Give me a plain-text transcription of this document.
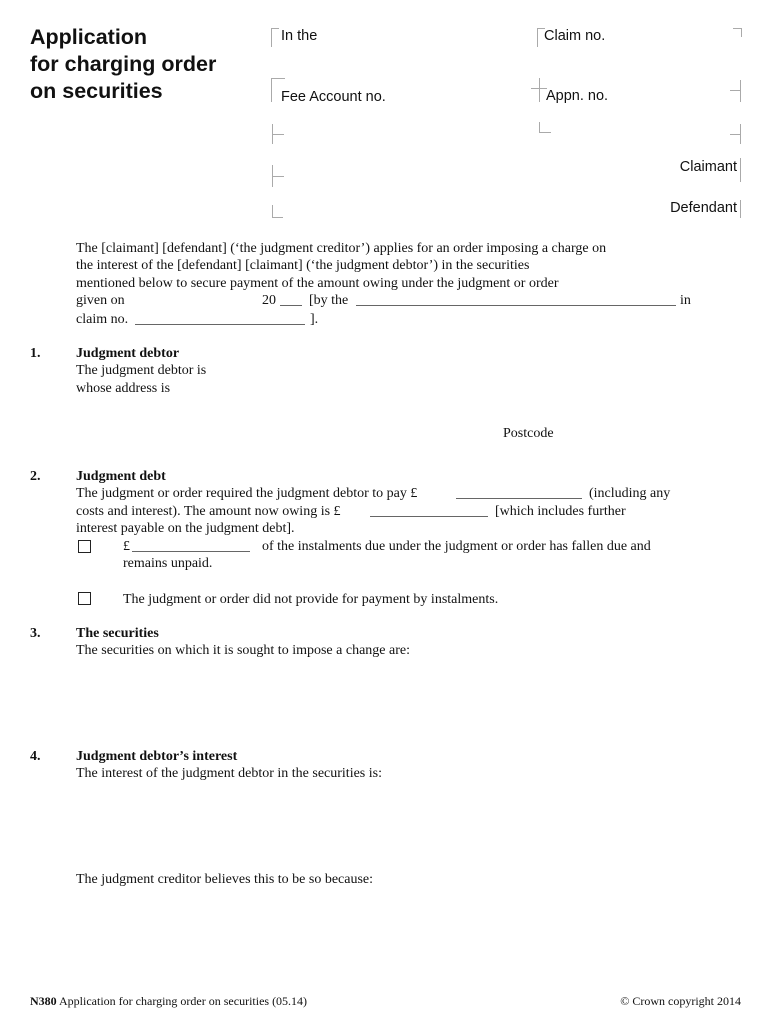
Application
for charging order
on securities
In the	Claim no.
Fee Account no.	Appn. no.
Claimant
Defendant
The [claimant] [defendant] (‘the judgment creditor’) applies for an order imposing a charge on
the interest of the [defendant] [claimant] (‘the judgment debtor’) in the securities
mentioned below to secure payment of the amount owing under the judgment or order
given on	20 [by the	in
claim no.	].
1.	Judgment debtor
The judgment debtor is
whose address is
Postcode
2.	Judgment debt
The judgment or order required the judgment debtor to pay £	(including any
costs and interest). The amount now owing is £	[which includes further
interest payable on the judgment debt].
£	of the instalments due under the judgment or order has fallen due and
remains unpaid.
The judgment or order did not provide for payment by instalments.
3.	The securities
The securities on which it is sought to impose a change are:
4.	Judgment debtor’s interest
The interest of the judgment debtor in the securities is:
The judgment creditor believes this to be so because:
N380 Application for charging order on securities (05.14)	© Crown copyright 2014
